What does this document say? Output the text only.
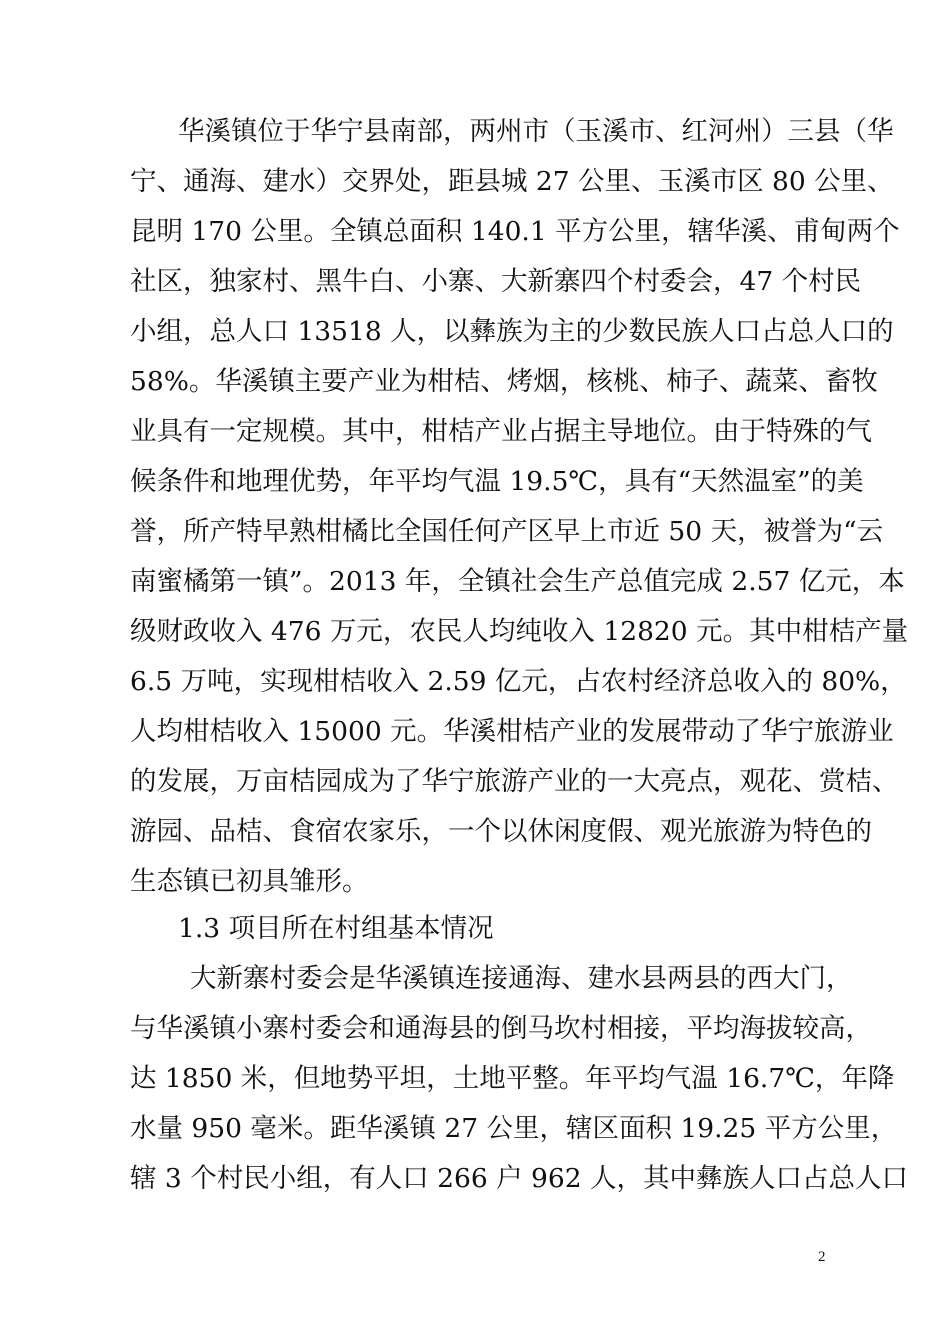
华溪镇位于华宁县南部，两州市（玉溪市、红河州）三县（华
宁、通海、建水）交界处，距县城 27 公里、玉溪市区 80 公里、
昆明 170 公里。全镇总面积 140.1 平方公里，辖华溪、甫甸两个
社区，独家村、黑牛白、小寨、大新寨四个村委会，47 个村民
小组，总人口 13518 人，以彝族为主的少数民族人口占总人口的
58%。华溪镇主要产业为柑桔、烤烟，核桃、柿子、蔬菜、畜牧
业具有一定规模。其中，柑桔产业占据主导地位。由于特殊的气
候条件和地理优势，年平均气温 19.5℃，具有“天然温室”的美
誉，所产特早熟柑橘比全国任何产区早上市近 50 天，被誉为“云
南蜜橘第一镇”。2013 年，全镇社会生产总值完成 2.57 亿元，本
级财政收入 476 万元，农民人均纯收入 12820 元。其中柑桔产量
6.5 万吨，实现柑桔收入 2.59 亿元，占农村经济总收入的 80%，
人均柑桔收入 15000 元。华溪柑桔产业的发展带动了华宁旅游业
的发展，万亩桔园成为了华宁旅游产业的一大亮点，观花、赏桔、
游园、品桔、食宿农家乐，一个以休闲度假、观光旅游为特色的
生态镇已初具雏形。
1.3 项目所在村组基本情况
大新寨村委会是华溪镇连接通海、建水县两县的西大门，
与华溪镇小寨村委会和通海县的倒马坎村相接，平均海拔较高，
达 1850 米，但地势平坦，土地平整。年平均气温 16.7℃，年降
水量 950 毫米。距华溪镇 27 公里，辖区面积 19.25 平方公里，
辖 3 个村民小组，有人口 266 户 962 人，其中彝族人口占总人口
2
